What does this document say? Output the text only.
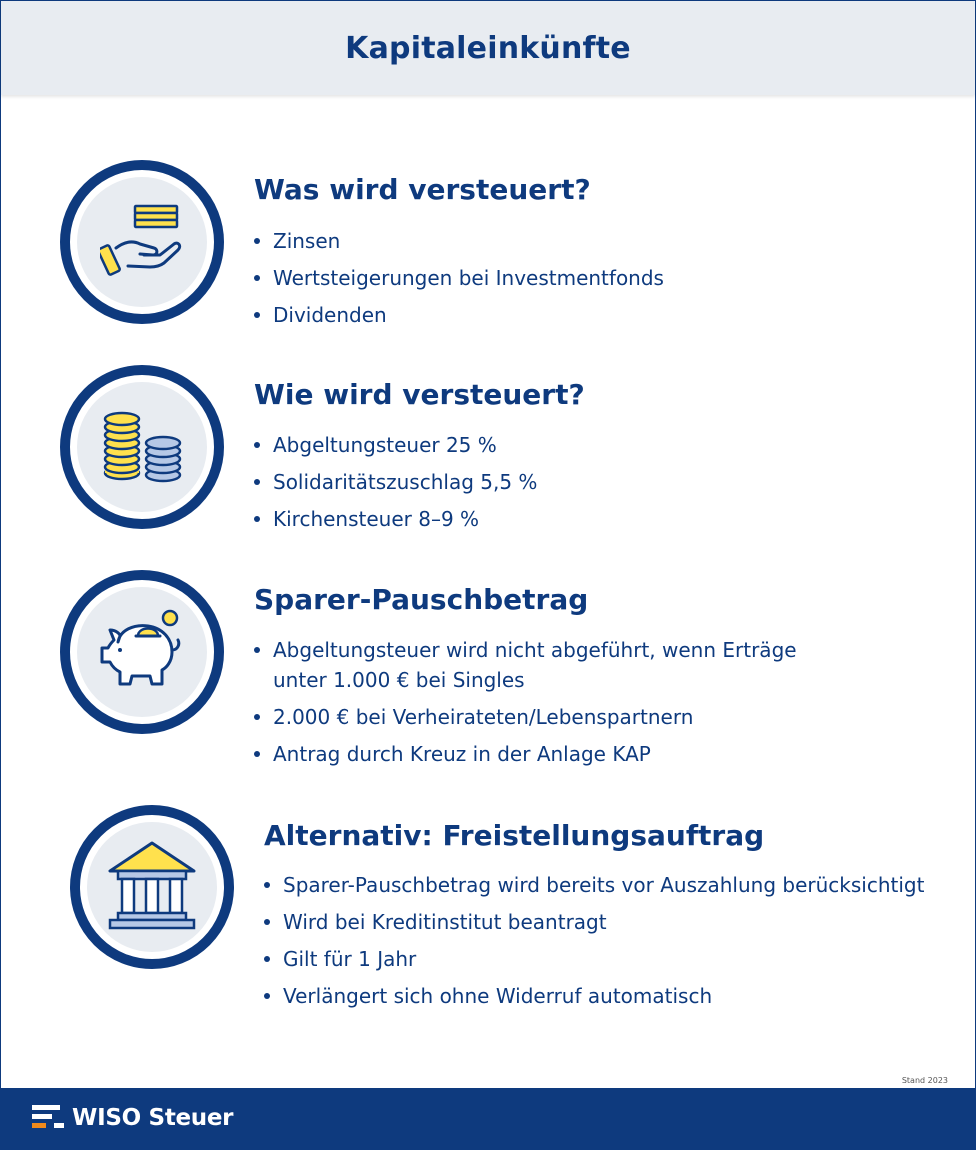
Kapitaleinkünfte
Was wird versteuert?
Zinsen
Wertsteigerungen bei Investmentfonds
Dividenden
Wie wird versteuert?
Abgeltungsteuer 25 %
Solidaritätszuschlag 5,5 %
Kirchensteuer 8–9 %
Sparer-Pauschbetrag
Abgeltungsteuer wird nicht abgeführt, wenn Erträge unter 1.000 € bei Singles
2.000 € bei Verheirateten/Lebenspartnern
Antrag durch Kreuz in der Anlage KAP
Alternativ: Freistellungsauftrag
Sparer-Pauschbetrag wird bereits vor Auszahlung berücksichtigt
Wird bei Kreditinstitut beantragt
Gilt für 1 Jahr
Verlängert sich ohne Widerruf automatisch
Stand 2023
WISO Steuer
